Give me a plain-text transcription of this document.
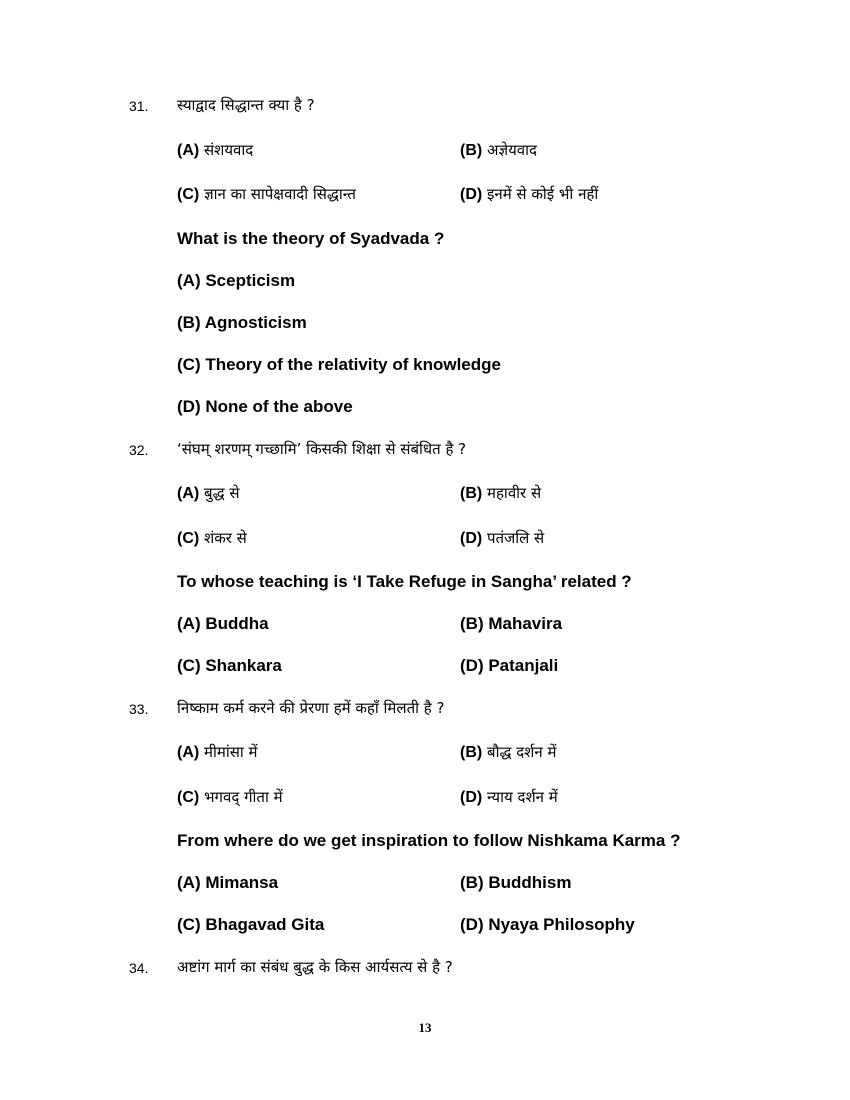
31. स्याद्वाद सिद्धान्त क्या है ?
(A) संशयवाद	(B) अज्ञेयवाद
(C) ज्ञान का सापेक्षवादी सिद्धान्त	(D) इनमें से कोई भी नहीं
What is the theory of Syadvada ?
(A) Scepticism
(B) Agnosticism
(C) Theory of the relativity of knowledge
(D) None of the above
32. ‘संघम् शरणम् गच्छामि’ किसकी शिक्षा से संबंधित है ?
(A) बुद्ध से	(B) महावीर से
(C) शंकर से	(D) पतंजलि से
To whose teaching is ‘I Take Refuge in Sangha’ related ?
(A) Buddha	(B) Mahavira
(C) Shankara	(D) Patanjali
33. निष्काम कर्म करने की प्रेरणा हमें कहाँ मिलती है ?
(A) मीमांसा में	(B) बौद्ध दर्शन में
(C) भगवद् गीता में	(D) न्याय दर्शन में
From where do we get inspiration to follow Nishkama Karma ?
(A) Mimansa	(B) Buddhism
(C) Bhagavad Gita	(D) Nyaya Philosophy
34. अष्टांग मार्ग का संबंध बुद्ध के किस आर्यसत्य से है ?
13
